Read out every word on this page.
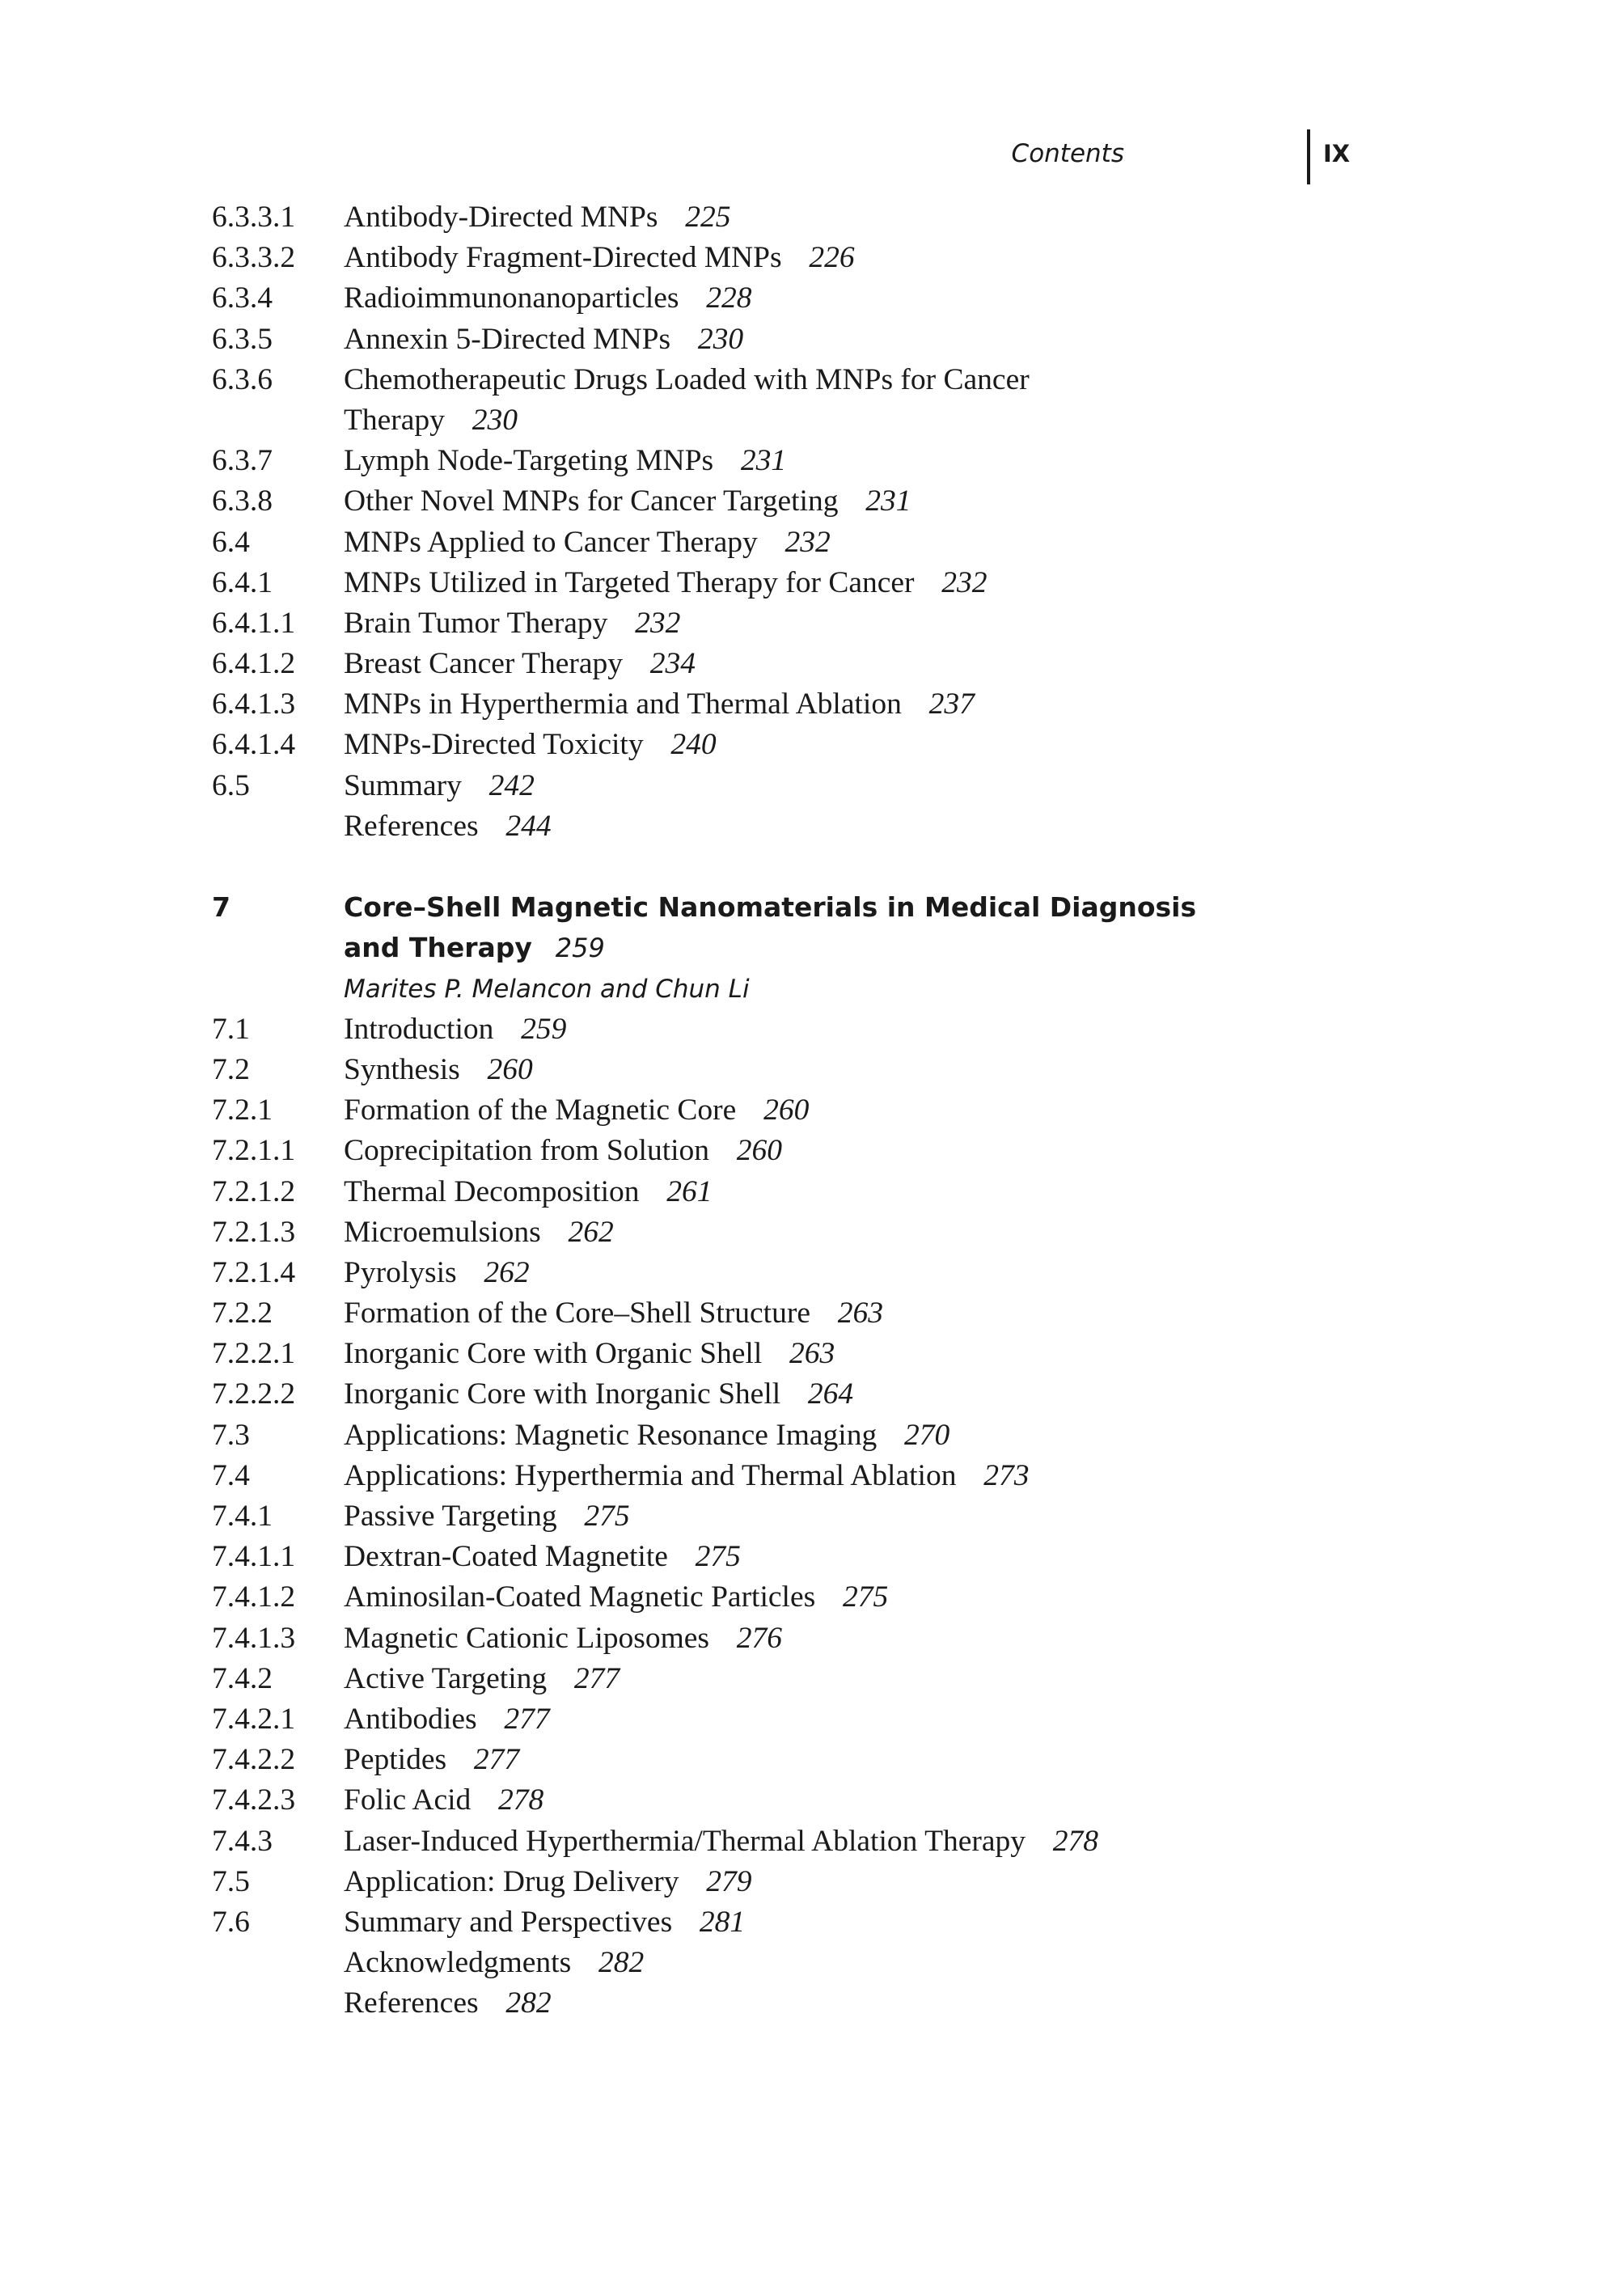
Contents	IX
6.3.3.1	Antibody-Directed MNPs 225
6.3.3.2	Antibody Fragment-Directed MNPs 226
6.3.4	Radioimmunonanoparticles 228
6.3.5	Annexin 5-Directed MNPs 230
6.3.6	Chemotherapeutic Drugs Loaded with MNPs for Cancer Therapy 230
6.3.7	Lymph Node-Targeting MNPs 231
6.3.8	Other Novel MNPs for Cancer Targeting 231
6.4	MNPs Applied to Cancer Therapy 232
6.4.1	MNPs Utilized in Targeted Therapy for Cancer 232
6.4.1.1	Brain Tumor Therapy 232
6.4.1.2	Breast Cancer Therapy 234
6.4.1.3	MNPs in Hyperthermia and Thermal Ablation 237
6.4.1.4	MNPs-Directed Toxicity 240
6.5	Summary 242
References 244
7	Core–Shell Magnetic Nanomaterials in Medical Diagnosis
and Therapy 259
Marites P. Melancon and Chun Li
7.1	Introduction 259
7.2	Synthesis 260
7.2.1	Formation of the Magnetic Core 260
7.2.1.1	Coprecipitation from Solution 260
7.2.1.2	Thermal Decomposition 261
7.2.1.3	Microemulsions 262
7.2.1.4	Pyrolysis 262
7.2.2	Formation of the Core–Shell Structure 263
7.2.2.1	Inorganic Core with Organic Shell 263
7.2.2.2	Inorganic Core with Inorganic Shell 264
7.3	Applications: Magnetic Resonance Imaging 270
7.4	Applications: Hyperthermia and Thermal Ablation 273
7.4.1	Passive Targeting 275
7.4.1.1	Dextran-Coated Magnetite 275
7.4.1.2	Aminosilan-Coated Magnetic Particles 275
7.4.1.3	Magnetic Cationic Liposomes 276
7.4.2	Active Targeting 277
7.4.2.1	Antibodies 277
7.4.2.2	Peptides 277
7.4.2.3	Folic Acid 278
7.4.3	Laser-Induced Hyperthermia/Thermal Ablation Therapy 278
7.5	Application: Drug Delivery 279
7.6	Summary and Perspectives 281
Acknowledgments 282
References 282
